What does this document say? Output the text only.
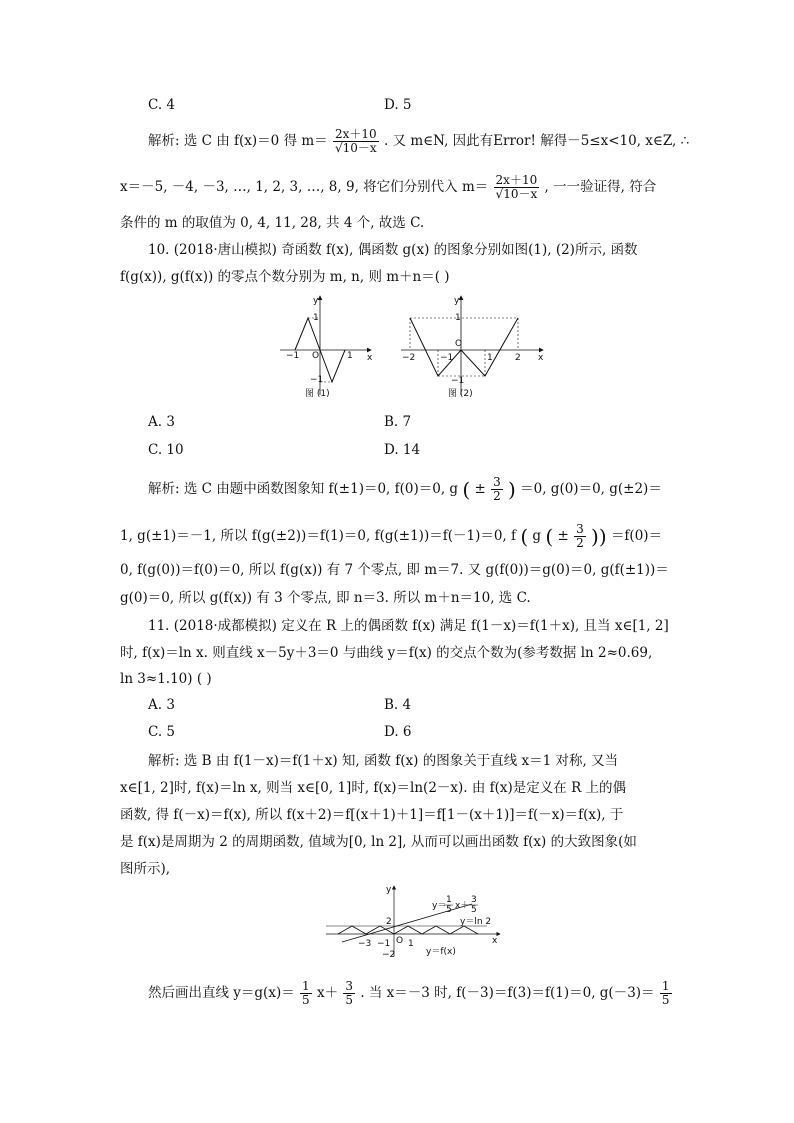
C. 4	D. 5
解析: 选 C 由 f(x)＝0 得 $m= \frac{2x+10}{√10-x}$ . 又 m∈N, 因此有Error! 解得－5≤x<10, x∈Z, ∴
x＝－5, －4, －3, …, 1, 2, 3, …, 8, 9, 将它们分别代入 $m= \frac{2x+10}{√10-x}$ , 一一验证得, 符合
条件的 m 的取值为 0, 4, 11, 28, 共 4 个, 故选 C.
10. (2018·唐山模拟) 奇函数 f(x), 偶函数 g(x) 的图象分别如图(1), (2)所示, 函数
f(g(x)), g(f(x)) 的零点个数分别为 m, n, 则 m＋n＝( )
y
x
O
−1	1
1
−1
图 (1)
y
x
O
−2	−1	1 2
1
−1
图 (2)
A. 3	B. 7
C. 10	D. 14
解析: 选 C 由题中函数图象知 f(±1)＝0, f(0)＝0, g ( ± $\frac{3}{2}$ ) ＝0, g(0)＝0, g(±2)＝
1, g(±1)＝－1, 所以 f(g(±2))＝f(1)＝0, f(g(±1))＝f(－1)＝0, f ( g ( ± $\frac{3}{2}$ )) ＝f(0)＝
0, f(g(0))＝f(0)＝0, 所以 f(g(x)) 有 7 个零点, 即 m＝7. 又 g(f(0))＝g(0)＝0, g(f(±1))＝
g(0)＝0, 所以 g(f(x)) 有 3 个零点, 即 n＝3. 所以 m＋n＝10, 选 C.
11. (2018·成都模拟) 定义在 R 上的偶函数 f(x) 满足 f(1－x)＝f(1＋x), 且当 x∈[1, 2]
时, f(x)＝ln x. 则直线 x－5y＋3＝0 与曲线 y＝f(x) 的交点个数为(参考数据 ln 2≈0.69,
ln 3≈1.10) ( )
A. 3	B. 4
C. 5	D. 6
解析: 选 B 由 f(1－x)＝f(1＋x) 知, 函数 f(x) 的图象关于直线 x＝1 对称, 又当
x∈[1, 2]时, f(x)＝ln x, 则当 x∈[0, 1]时, f(x)＝ln(2－x). 由 f(x)是定义在 R 上的偶
函数, 得 f(－x)＝f(x), 所以 f(x＋2)＝f[(x＋1)＋1]＝f[1－(x＋1)]＝f(－x)＝f(x), 于
是 f(x)是周期为 2 的周期函数, 值域为[0, ln 2], 从而可以画出函数 f(x) 的大致图象(如
图所示),
y
x
O
−3 −1 1
2
−2	y＝f(x)
y＝ln 2
y＝
1
5 x＋
3
5
然后画出直线 $y=g(x)= \frac{1}{5} x+ \frac{3}{5}$ . 当 x＝－3 时, f(－3)＝f(3)＝f(1)＝0, $g(-3)= \frac{1}{5}$
